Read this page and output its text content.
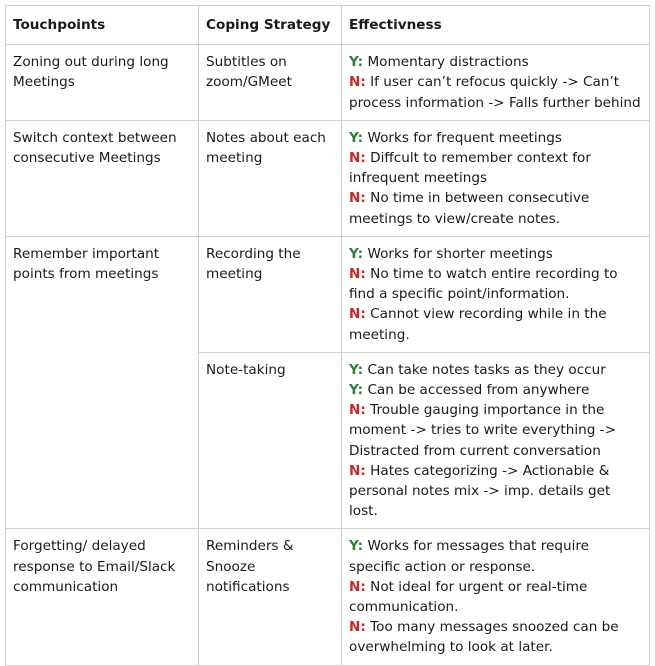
Touchpoints	Coping Strategy	Effectivness
Zoning out during long Meetings	Subtitles on zoom/GMeet	Y: Momentary distractions
N: If user can’t refocus quickly -> Can’t process information -> Falls further behind

Switch context between consecutive Meetings	Notes about each meeting	Y: Works for frequent meetings
N: Diffcult to remember context for infrequent meetings
N: No time in between consecutive meetings to view/create notes.

Remember important points from meetings	Recording the meeting	Y: Works for shorter meetings
N: No time to watch entire recording to find a specific point/information.
N: Cannot view recording while in the meeting.

	Note-taking	Y: Can take notes tasks as they occur
Y: Can be accessed from anywhere
N: Trouble gauging importance in the moment -> tries to write everything -> Distracted from current conversation
N: Hates categorizing -> Actionable & personal notes mix -> imp. details get lost.

Forgetting/ delayed response to Email/Slack communication	Reminders & Snooze notifications	Y: Works for messages that require specific action or response.
N: Not ideal for urgent or real-time communication.
N: Too many messages snoozed can be overwhelming to look at later.
